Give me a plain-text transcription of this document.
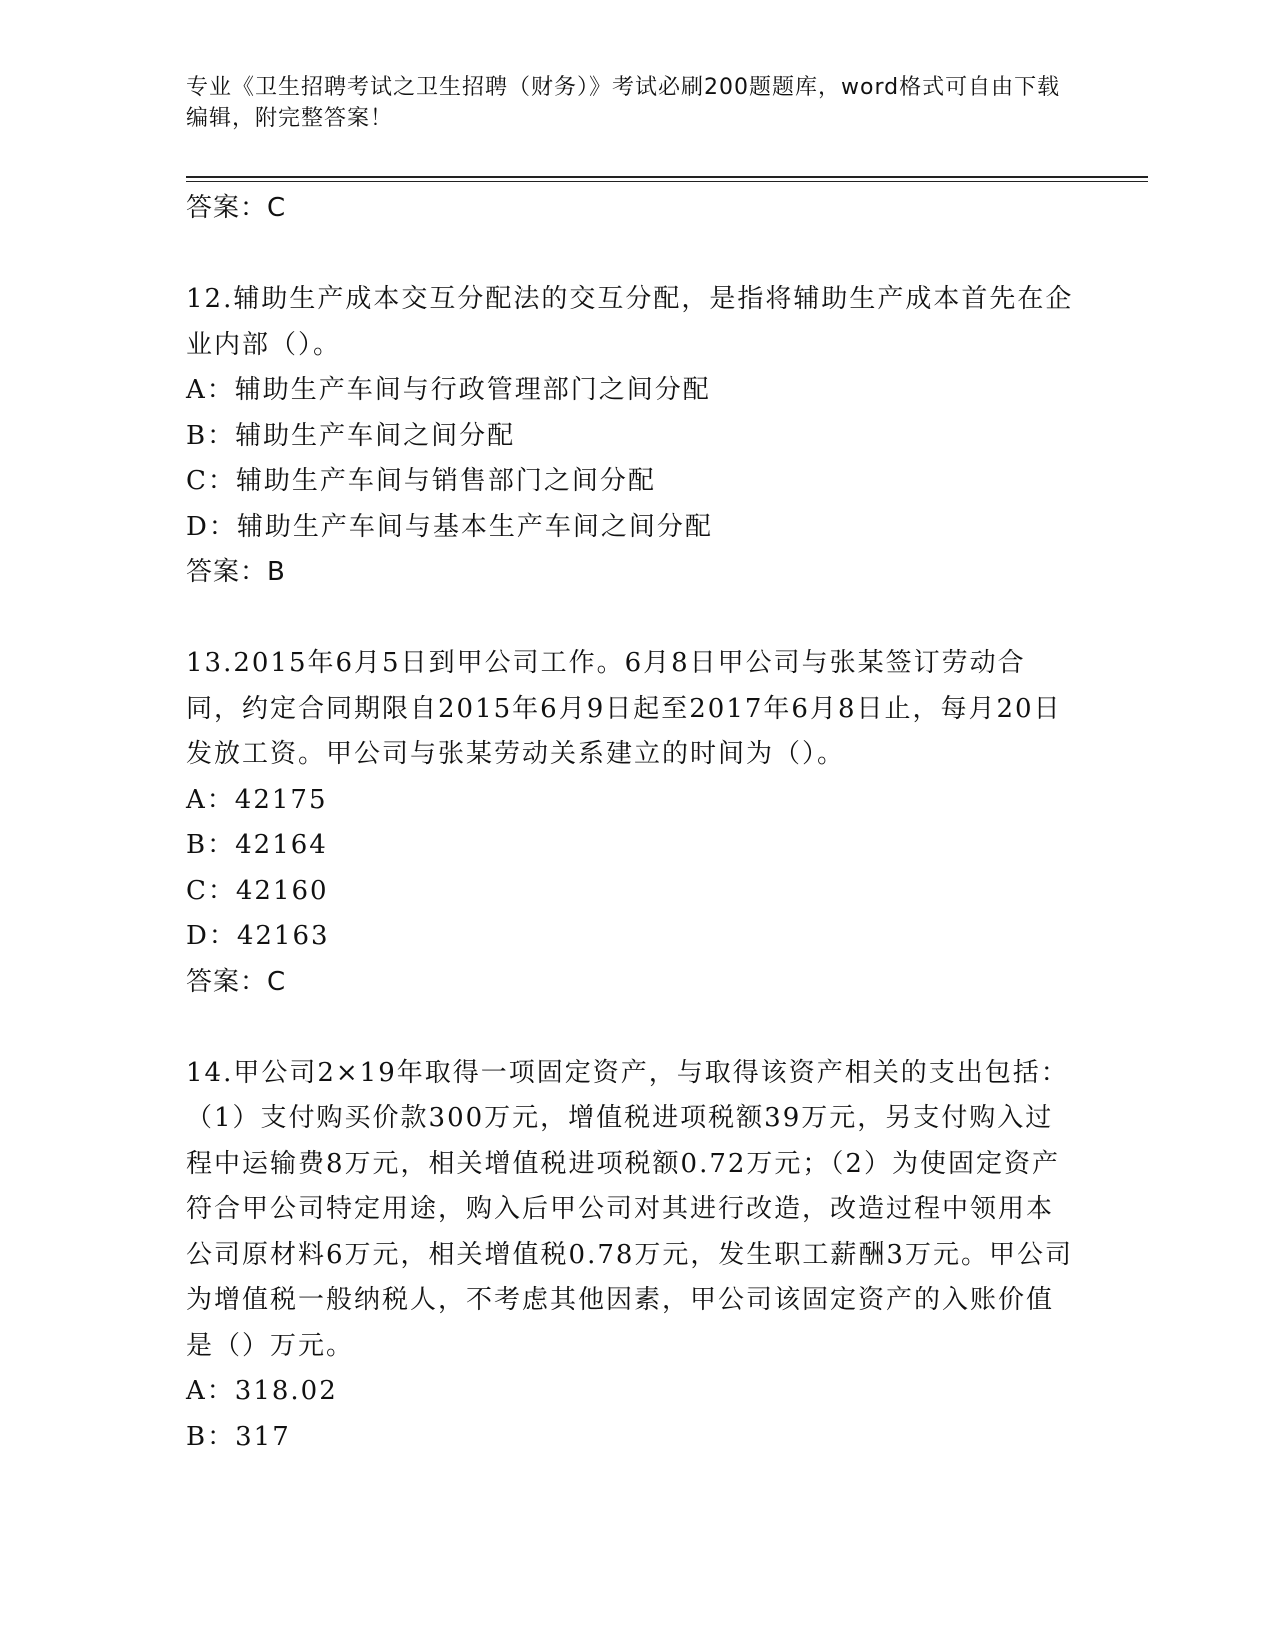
专业《卫生招聘考试之卫生招聘（财务）》考试必刷200题题库，word格式可自由下载编辑，附完整答案！
答案：C
12.辅助生产成本交互分配法的交互分配，是指将辅助生产成本首先在企业内部（）。
A：辅助生产车间与行政管理部门之间分配
B：辅助生产车间之间分配
C：辅助生产车间与销售部门之间分配
D：辅助生产车间与基本生产车间之间分配
答案：B
13.2015年6月5日到甲公司工作。6月8日甲公司与张某签订劳动合同，约定合同期限自2015年6月9日起至2017年6月8日止，每月20日发放工资。甲公司与张某劳动关系建立的时间为（）。
A：42175
B：42164
C：42160
D：42163
答案：C
14.甲公司2×19年取得一项固定资产，与取得该资产相关的支出包括：（1）支付购买价款300万元，增值税进项税额39万元，另支付购入过程中运输费8万元，相关增值税进项税额0.72万元；（2）为使固定资产符合甲公司特定用途，购入后甲公司对其进行改造，改造过程中领用本公司原材料6万元，相关增值税0.78万元，发生职工薪酬3万元。甲公司为增值税一般纳税人，不考虑其他因素，甲公司该固定资产的入账价值是（）万元。
A：318.02
B：317
